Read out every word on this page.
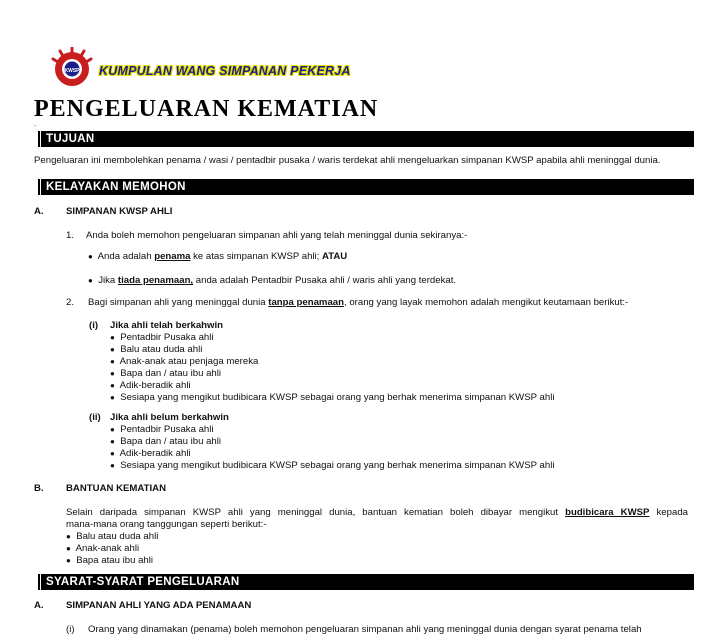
KWSP KUMPULAN WANG SIMPANAN PEKERJA
PENGELUARAN KEMATIAN
-
TUJUAN
Pengeluaran ini membolehkan penama / wasi / pentadbir pusaka / waris terdekat ahli mengeluarkan simpanan KWSP apabila ahli meninggal dunia.
KELAYAKAN MEMOHON
A. SIMPANAN KWSP AHLI
1. Anda boleh memohon pengeluaran simpanan ahli yang telah meninggal dunia sekiranya:-
● Anda adalah penama ke atas simpanan KWSP ahli; ATAU
● Jika tiada penamaan, anda adalah Pentadbir Pusaka ahli / waris ahli yang terdekat.
2. Bagi simpanan ahli yang meninggal dunia tanpa penamaan, orang yang layak memohon adalah mengikut keutamaan berikut:-
(i) Jika ahli telah berkahwin
● Pentadbir Pusaka ahli
● Balu atau duda ahli
● Anak-anak atau penjaga mereka
● Bapa dan / atau ibu ahli
● Adik-beradik ahli
● Sesiapa yang mengikut budibicara KWSP sebagai orang yang berhak menerima simpanan KWSP ahli
(ii) Jika ahli belum berkahwin
● Pentadbir Pusaka ahli
● Bapa dan / atau ibu ahli
● Adik-beradik ahli
● Sesiapa yang mengikut budibicara KWSP sebagai orang yang berhak menerima simpanan KWSP ahli
B. BANTUAN KEMATIAN
Selain daripada simpanan KWSP ahli yang meninggal dunia, bantuan kematian boleh dibayar mengikut budibicara KWSP kepada
mana-mana orang tanggungan seperti berikut:-
● Balu atau duda ahli
● Anak-anak ahli
● Bapa atau ibu ahli
SYARAT-SYARAT PENGELUARAN
A. SIMPANAN AHLI YANG ADA PENAMAAN
(i) Orang yang dinamakan (penama) boleh memohon pengeluaran simpanan ahli yang meninggal dunia dengan syarat penama telah
